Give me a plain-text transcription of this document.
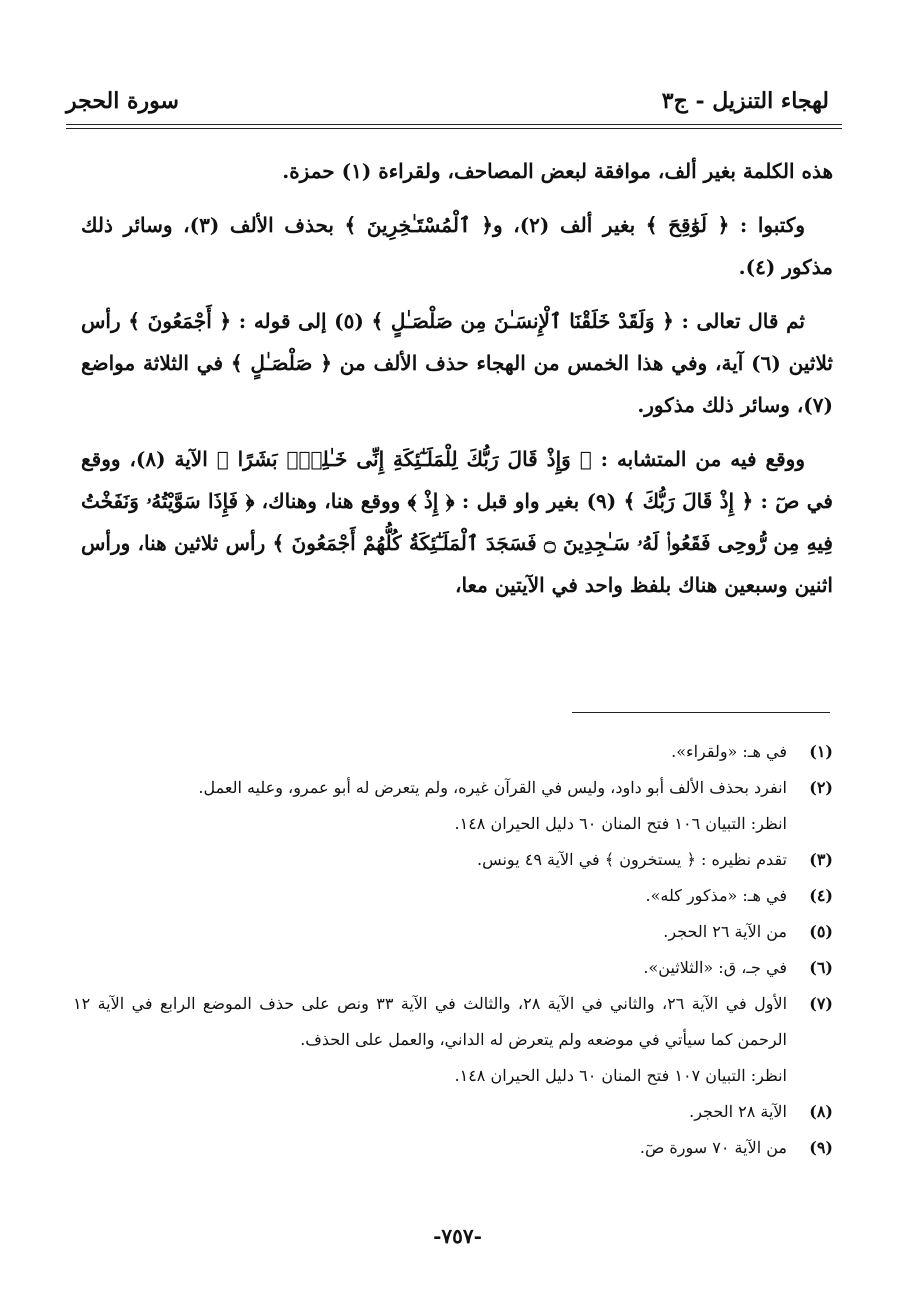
لهجاء التنزيل - ج٣
سورة الحجر

هذه الكلمة بغير ألف، موافقة لبعض المصاحف، ولقراءة (١) حمزة.

وكتبوا : ﴿ لَوَٰقِحَ ﴾ بغير ألف (٢)، و﴿ ٱلْمُسْتَـٰخِرِينَ ﴾ بحذف الألف (٣)، وسائر ذلك مذكور (٤).

ثم قال تعالى : ﴿ وَلَقَدْ خَلَقْنَا ٱلْإِنسَـٰنَ مِن صَلْصَـٰلٍ ﴾ (٥) إلى قوله : ﴿ أَجْمَعُونَ ﴾ رأس ثلاثين (٦) آية، وفي هذا الخمس من الهجاء حذف الألف من ﴿ صَلْصَـٰلٍ ﴾ في الثلاثة مواضع (٧)، وسائر ذلك مذكور.

ووقع فيه من المتشابه : ﴿ وَإِذْ قَالَ رَبُّكَ لِلْمَلَـٰٓئِكَةِ إِنِّى خَـٰلِقٌۢ بَشَرًا ﴾ الآية (٨)، ووقع في صٓ : ﴿ إِذْ قَالَ رَبُّكَ ﴾ (٩) بغير واو قبل : ﴿ إِذْ ﴾ ووقع هنا، وهناك، ﴿ فَإِذَا سَوَّيْتُهُۥ وَنَفَخْتُ فِيهِ مِن رُّوحِى فَقَعُوا۟ لَهُۥ سَـٰجِدِينَ ۝ فَسَجَدَ ٱلْمَلَـٰٓئِكَةُ كُلُّهُمْ أَجْمَعُونَ ﴾ رأس ثلاثين هنا، ورأس اثنين وسبعين هناك بلفظ واحد في الآيتين معا،

(١)
في هـ: «ولقراء».
(٢)
انفرد بحذف الألف أبو داود، وليس في القرآن غيره، ولم يتعرض له أبو عمرو، وعليه العمل.
انظر: التبيان ١٠٦ فتح المنان ٦٠ دليل الحيران ١٤٨.
(٣)
تقدم نظيره : ﴿ يستخرون ﴾ في الآية ٤٩ يونس.
(٤)
في هـ: «مذكور كله».
(٥)
من الآية ٢٦ الحجر.
(٦)
في جـ، ق: «الثلاثين».
(٧)
الأول في الآية ٢٦، والثاني في الآية ٢٨، والثالث في الآية ٣٣ ونص على حذف الموضع الرابع في الآية ١٢ الرحمن كما سيأتي في موضعه ولم يتعرض له الداني، والعمل على الحذف.
انظر: التبيان ١٠٧ فتح المنان ٦٠ دليل الحيران ١٤٨.
(٨)
الآية ٢٨ الحجر.
(٩)
من الآية ٧٠ سورة صٓ.
-٧٥٧-
